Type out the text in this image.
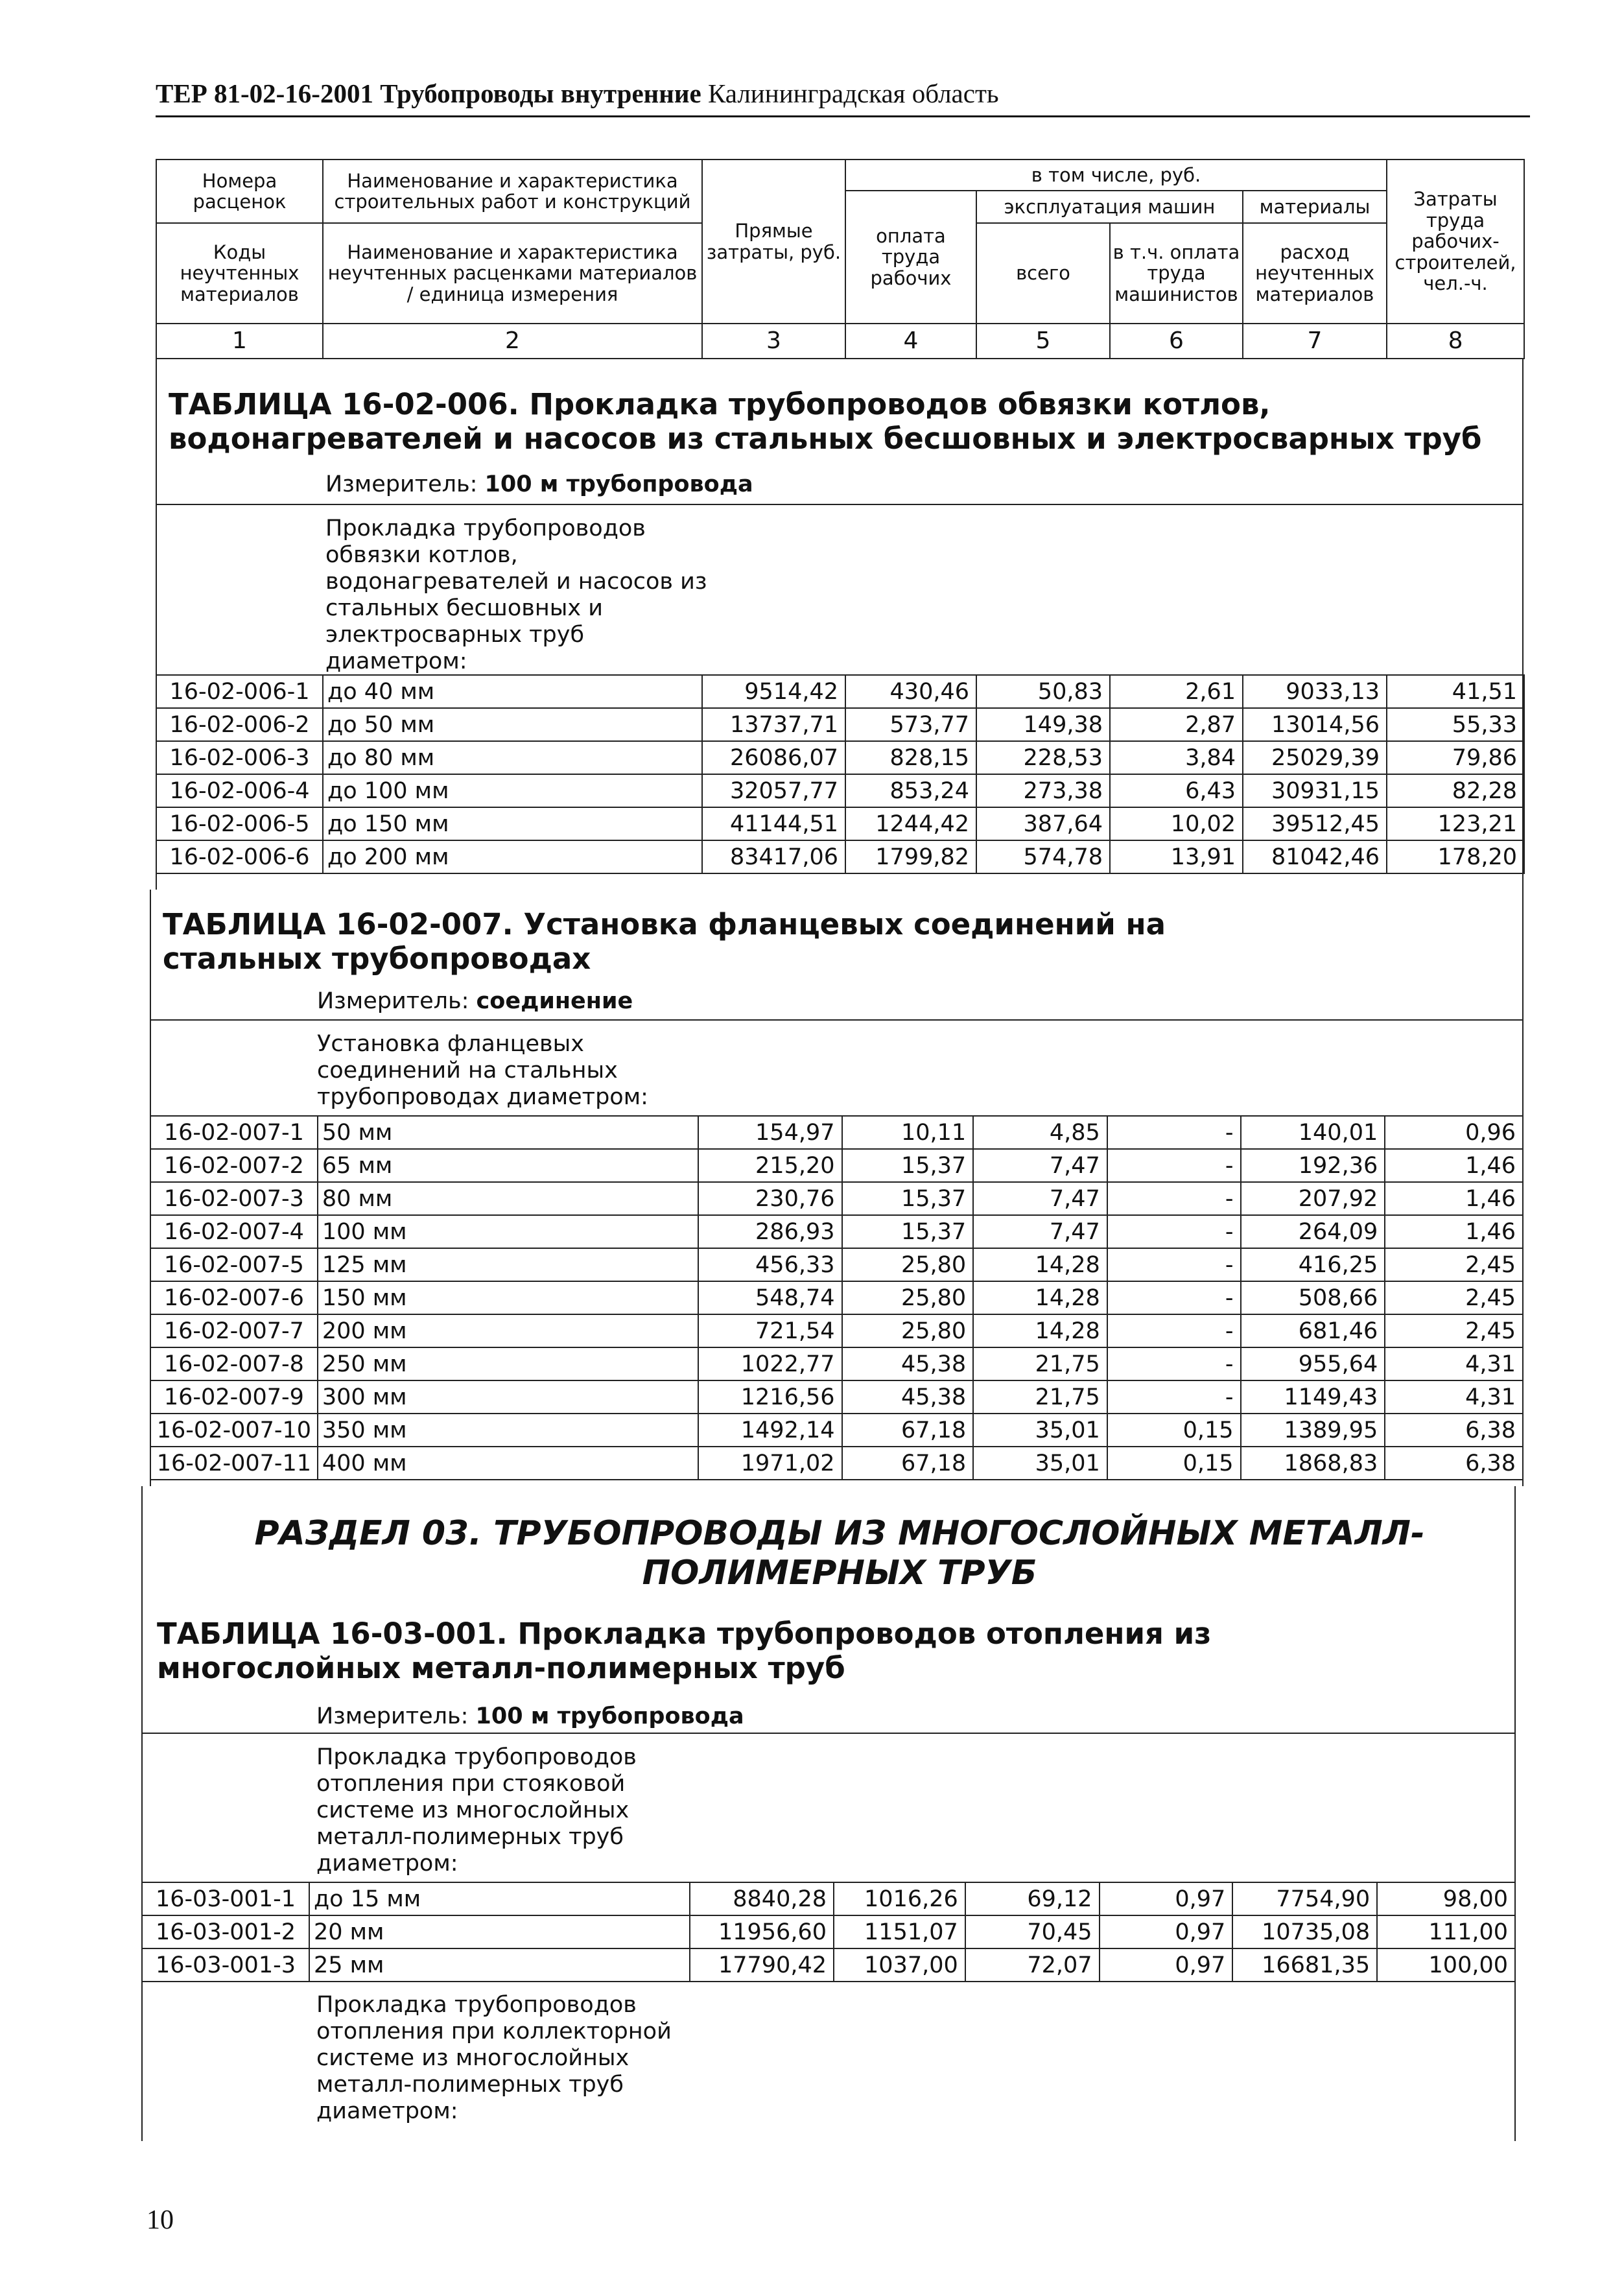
ТЕР 81-02-16-2001 Трубопроводы внутренние Калининградская область
Номера расценок	Наименование и характеристика строительных работ и конструкций	Прямые затраты, руб.	в том числе, руб.				Затраты труда рабочих-строителей, чел.-ч.
			оплата труда рабочих	эксплуатация машин		материалы	
Коды неучтенных материалов	Наименование и характеристика неучтенных расценками материалов / единица измерения			всего	в т.ч. оплата труда машинистов	расход неучтенных материалов	

1	2	3	4	5	6	7	8
ТАБЛИЦА 16-02-006. Прокладка трубопроводов обвязки котлов, водонагревателей и насосов из стальных бесшовных и электросварных труб
Измеритель: 100 м трубопровода
Прокладка трубопроводов обвязки котлов, водонагревателей и насосов из стальных бесшовных и электросварных труб диаметром:
16-02-006-1	до 40 мм	9514,42	430,46	50,83	2,61	9033,13	41,51
16-02-006-2	до 50 мм	13737,71	573,77	149,38	2,87	13014,56	55,33
16-02-006-3	до 80 мм	26086,07	828,15	228,53	3,84	25029,39	79,86
16-02-006-4	до 100 мм	32057,77	853,24	273,38	6,43	30931,15	82,28
16-02-006-5	до 150 мм	41144,51	1244,42	387,64	10,02	39512,45	123,21
16-02-006-6	до 200 мм	83417,06	1799,82	574,78	13,91	81042,46	178,20
ТАБЛИЦА 16-02-007. Установка фланцевых соединений на стальных трубопроводах
Измеритель: соединение
Установка фланцевых соединений на стальных трубопроводах диаметром:
16-02-007-1	50 мм	154,97	10,11	4,85	-	140,01	0,96
16-02-007-2	65 мм	215,20	15,37	7,47	-	192,36	1,46
16-02-007-3	80 мм	230,76	15,37	7,47	-	207,92	1,46
16-02-007-4	100 мм	286,93	15,37	7,47	-	264,09	1,46
16-02-007-5	125 мм	456,33	25,80	14,28	-	416,25	2,45
16-02-007-6	150 мм	548,74	25,80	14,28	-	508,66	2,45
16-02-007-7	200 мм	721,54	25,80	14,28	-	681,46	2,45
16-02-007-8	250 мм	1022,77	45,38	21,75	-	955,64	4,31
16-02-007-9	300 мм	1216,56	45,38	21,75	-	1149,43	4,31
16-02-007-10	350 мм	1492,14	67,18	35,01	0,15	1389,95	6,38
16-02-007-11	400 мм	1971,02	67,18	35,01	0,15	1868,83	6,38
РАЗДЕЛ 03. ТРУБОПРОВОДЫ ИЗ МНОГОСЛОЙНЫХ МЕТАЛЛ-
ПОЛИМЕРНЫХ ТРУБ
ТАБЛИЦА 16-03-001. Прокладка трубопроводов отопления из многослойных металл-полимерных труб
Измеритель: 100 м трубопровода
Прокладка трубопроводов отопления при стояковой системе из многослойных металл-полимерных труб диаметром:
16-03-001-1	до 15 мм	8840,28	1016,26	69,12	0,97	7754,90	98,00
16-03-001-2	20 мм	11956,60	1151,07	70,45	0,97	10735,08	111,00
16-03-001-3	25 мм	17790,42	1037,00	72,07	0,97	16681,35	100,00
Прокладка трубопроводов отопления при коллекторной системе из многослойных металл-полимерных труб диаметром:
10
